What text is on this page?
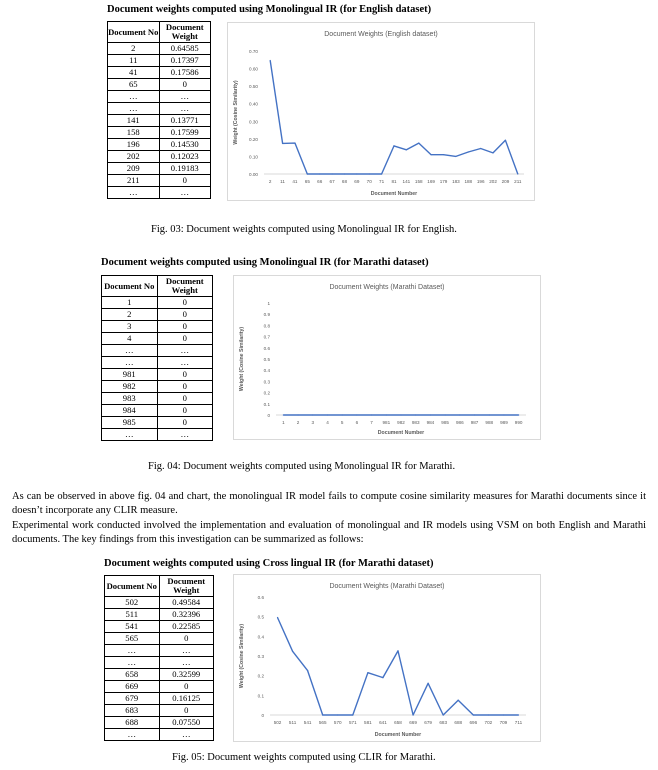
Document weights computed using Monolingual IR (for English dataset)
Document No	Document Weight
2	0.64585
11	0.17397
41	0.17586
65	0
…	…
…	…
141	0.13771
158	0.17599
196	0.14530
202	0.12023
209	0.19183
211	0
…	…
Document Weights (English dataset)
0.00
0.10
0.20
0.30
0.40
0.50
0.60
0.70
2 11 41 65 66 67 68 69 70 71 81 141 158 169 179 183 188 196 202 209 211
Document Number
Weight (Cosine Similarity)
Fig. 03: Document weights computed using Monolingual IR for English.
Document weights computed using Monolingual IR (for Marathi dataset)
Document No	Document Weight
1	0
2	0
3	0
4	0
…	…
…	…
981	0
982	0
983	0
984	0
985	0
…	…
Document Weights (Marathi Dataset)
0
0.1
0.2
0.3
0.4
0.5
0.6
0.7
0.8
0.9
1
1	2	3	4	5	6	7 981 982 983 984 985 986 987 988 989 990
Document Number
Weight (Cosine Similarity)
Fig. 04: Document weights computed using Monolingual IR for Marathi.
As can be observed in above fig. 04 and chart, the monolingual IR model fails to compute cosine similarity measures for Marathi documents since it doesn’t incorporate any CLIR measure.
Experimental work conducted involved the implementation and evaluation of monolingual and IR models using VSM on both English and Marathi documents. The key findings from this investigation can be summarized as follows:
Document weights computed using Cross lingual IR (for Marathi dataset)
Document No	Document Weight
502	0.49584
511	0.32396
541	0.22585
565	0
…	…
…	…
658	0.32599
669	0
679	0.16125
683	0
688	0.07550
…	…
Document Weights (Marathi Dataset)
0
0.1
0.2
0.3
0.4
0.5
0.6
502 511 541 565 570 571 581 641 658 669 679 683 688 696 702 709 711
Document Number
Weight (Cosine Similarity)
Fig. 05: Document weights computed using CLIR for Marathi.
